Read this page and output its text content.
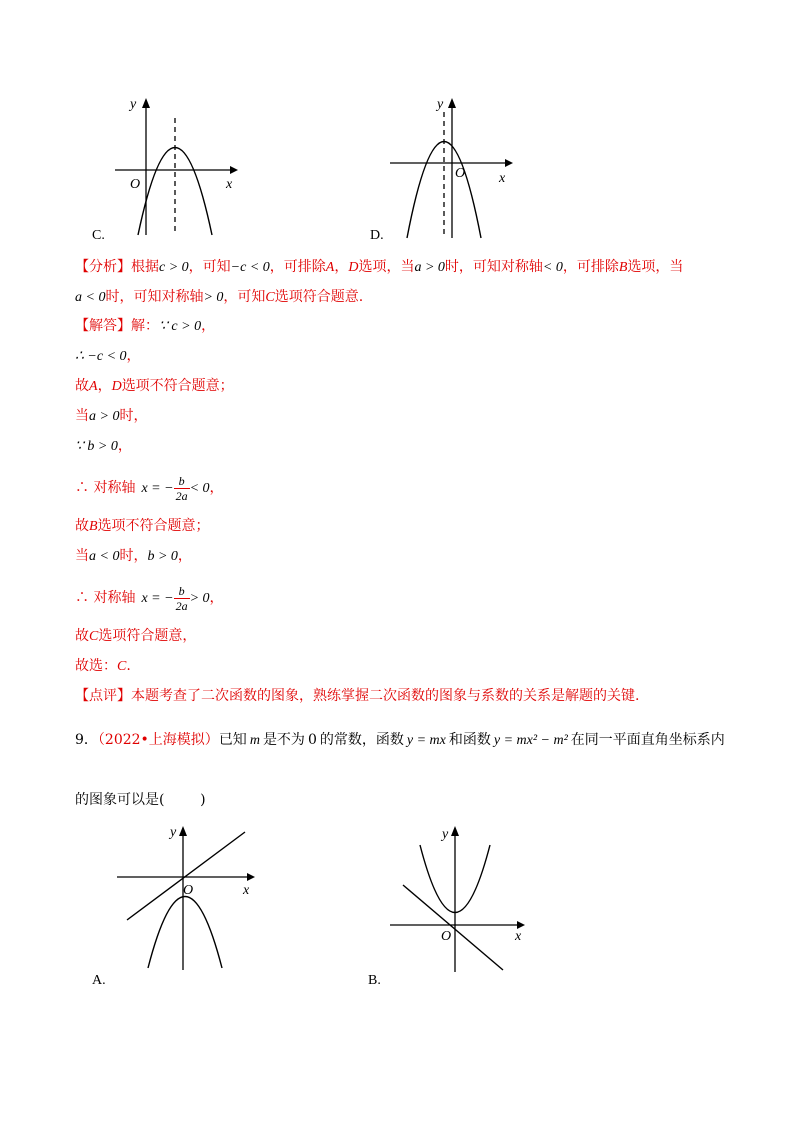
y
x
O
C.
y
x
O
D.
【分析】根据c > 0，可知−c < 0，可排除A，D选项，当a > 0时，可知对称轴< 0，可排除B选项，当
a < 0时，可知对称轴> 0，可知C选项符合题意.
【解答】解：∵ c > 0，
∴ −c < 0，
故A，D选项不符合题意；
当a > 0时，
∵ b > 0，
∴ 对称轴 x = − $\frac{b}{2a} < 0$，
故B选项不符合题意；
当a < 0时，b > 0，
∴ 对称轴 x = − $\frac{b}{2a} > 0$，
故C选项符合题意，
故选：C.
【点评】本题考查了二次函数的图象，熟练掌握二次函数的图象与系数的关系是解题的关键.
9．（2022•上海模拟）已知 m 是不为 0 的常数，函数 y = mx 和函数 y = mx² − m² 在同一平面直角坐标系内
的图象可以是(        )
y
x
O
A.
y
x
O
B.
